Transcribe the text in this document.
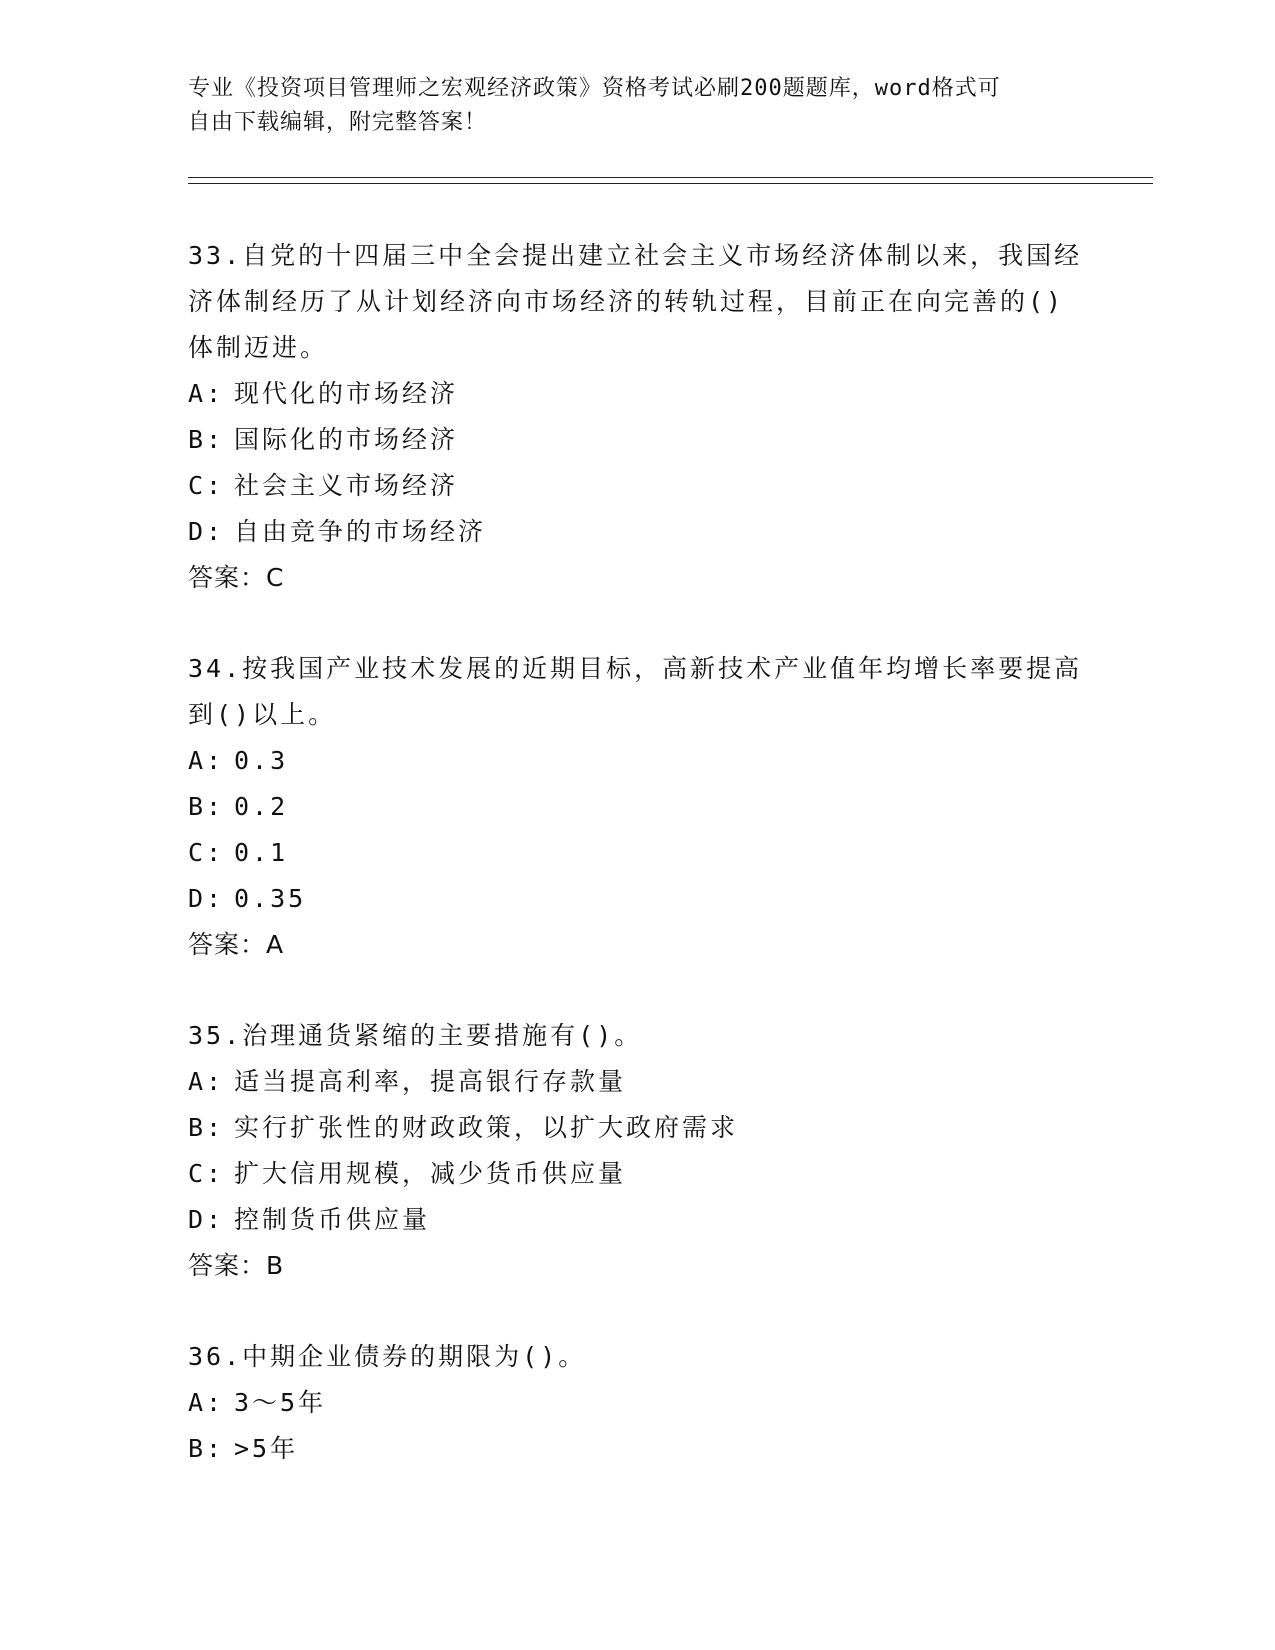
专业《投资项目管理师之宏观经济政策》资格考试必刷200题题库，word格式可
自由下载编辑，附完整答案！
33.自党的十四届三中全会提出建立社会主义市场经济体制以来，我国经济体制经历了从计划经济向市场经济的转轨过程，目前正在向完善的()体制迈进。
A: 现代化的市场经济
B: 国际化的市场经济
C: 社会主义市场经济
D: 自由竞争的市场经济
答案：C
34.按我国产业技术发展的近期目标，高新技术产业值年均增长率要提高到()以上。
A: 0.3
B: 0.2
C: 0.1
D: 0.35
答案：A
35.治理通货紧缩的主要措施有()。
A: 适当提高利率，提高银行存款量
B: 实行扩张性的财政政策，以扩大政府需求
C: 扩大信用规模，减少货币供应量
D: 控制货币供应量
答案：B
36.中期企业债券的期限为()。
A: 3～5年
B: >5年
